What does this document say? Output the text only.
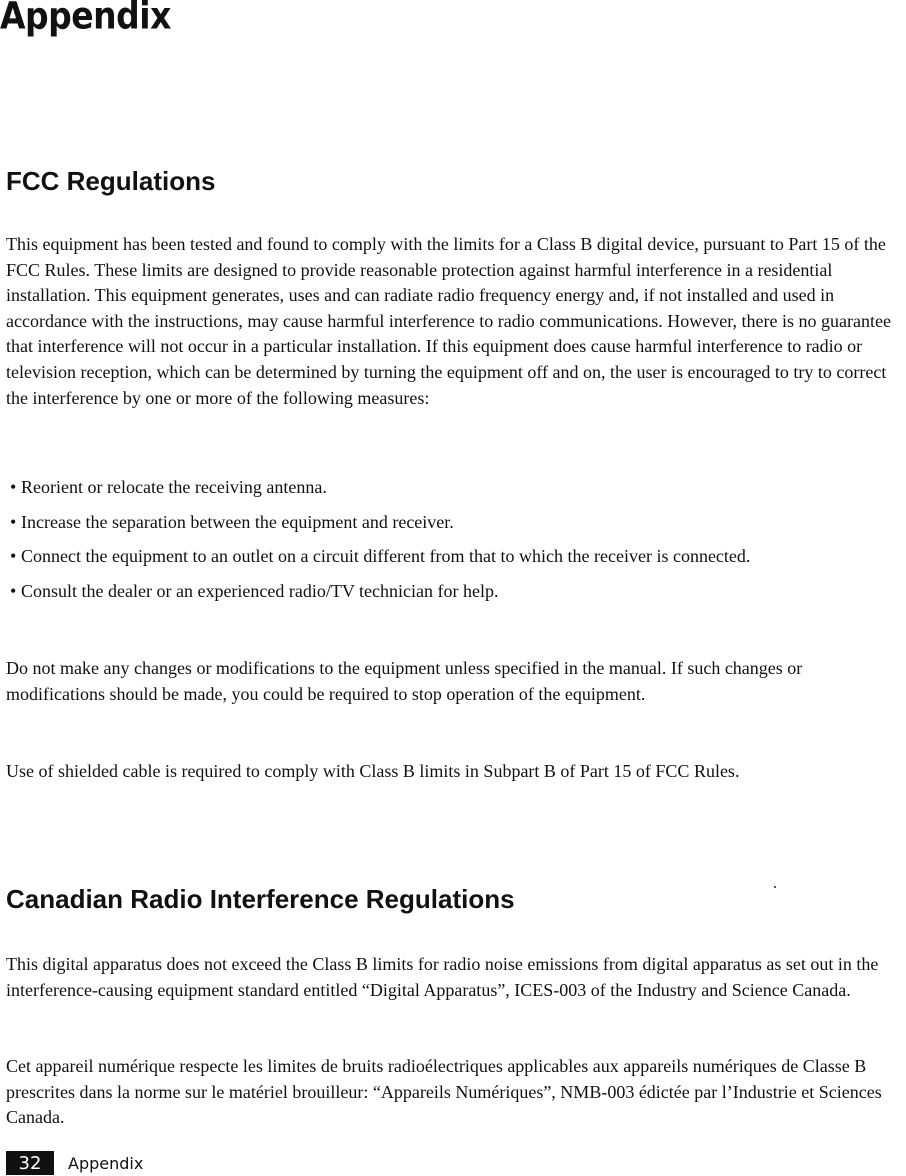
Appendix
FCC Regulations

This equipment has been tested and found to comply with the limits for a Class B digital device, pursuant to Part 15 of the FCC Rules. These limits are designed to provide reasonable protection against harmful interference in a residential installation. This equipment generates, uses and can radiate radio frequency energy and, if not installed and used in accordance with the instructions, may cause harmful interference to radio communications. However, there is no guarantee that interference will not occur in a particular installation. If this equipment does cause harmful interference to radio or television reception, which can be determined by turning the equipment off and on, the user is encouraged to try to correct the interference by one or more of the following measures:

• Reorient or relocate the receiving antenna.
• Increase the separation between the equipment and receiver.
• Connect the equipment to an outlet on a circuit different from that to which the receiver is connected.
• Consult the dealer or an experienced radio/TV technician for help.

Do not make any changes or modifications to the equipment unless specified in the manual. If such changes or modifications should be made, you could be required to stop operation of the equipment.

Use of shielded cable is required to comply with Class B limits in Subpart B of Part 15 of FCC Rules.

Canadian Radio Interference Regulations

This digital apparatus does not exceed the Class B limits for radio noise emissions from digital apparatus as set out in the interference-causing equipment standard entitled “Digital Apparatus”, ICES-003 of the Industry and Science Canada.

Cet appareil numérique respecte les limites de bruits radioélectriques applicables aux appareils numériques de Classe B prescrites dans la norme sur le matériel brouilleur: “Appareils Numériques”, NMB-003 édictée par l’Industrie et Sciences Canada.

32	Appendix
